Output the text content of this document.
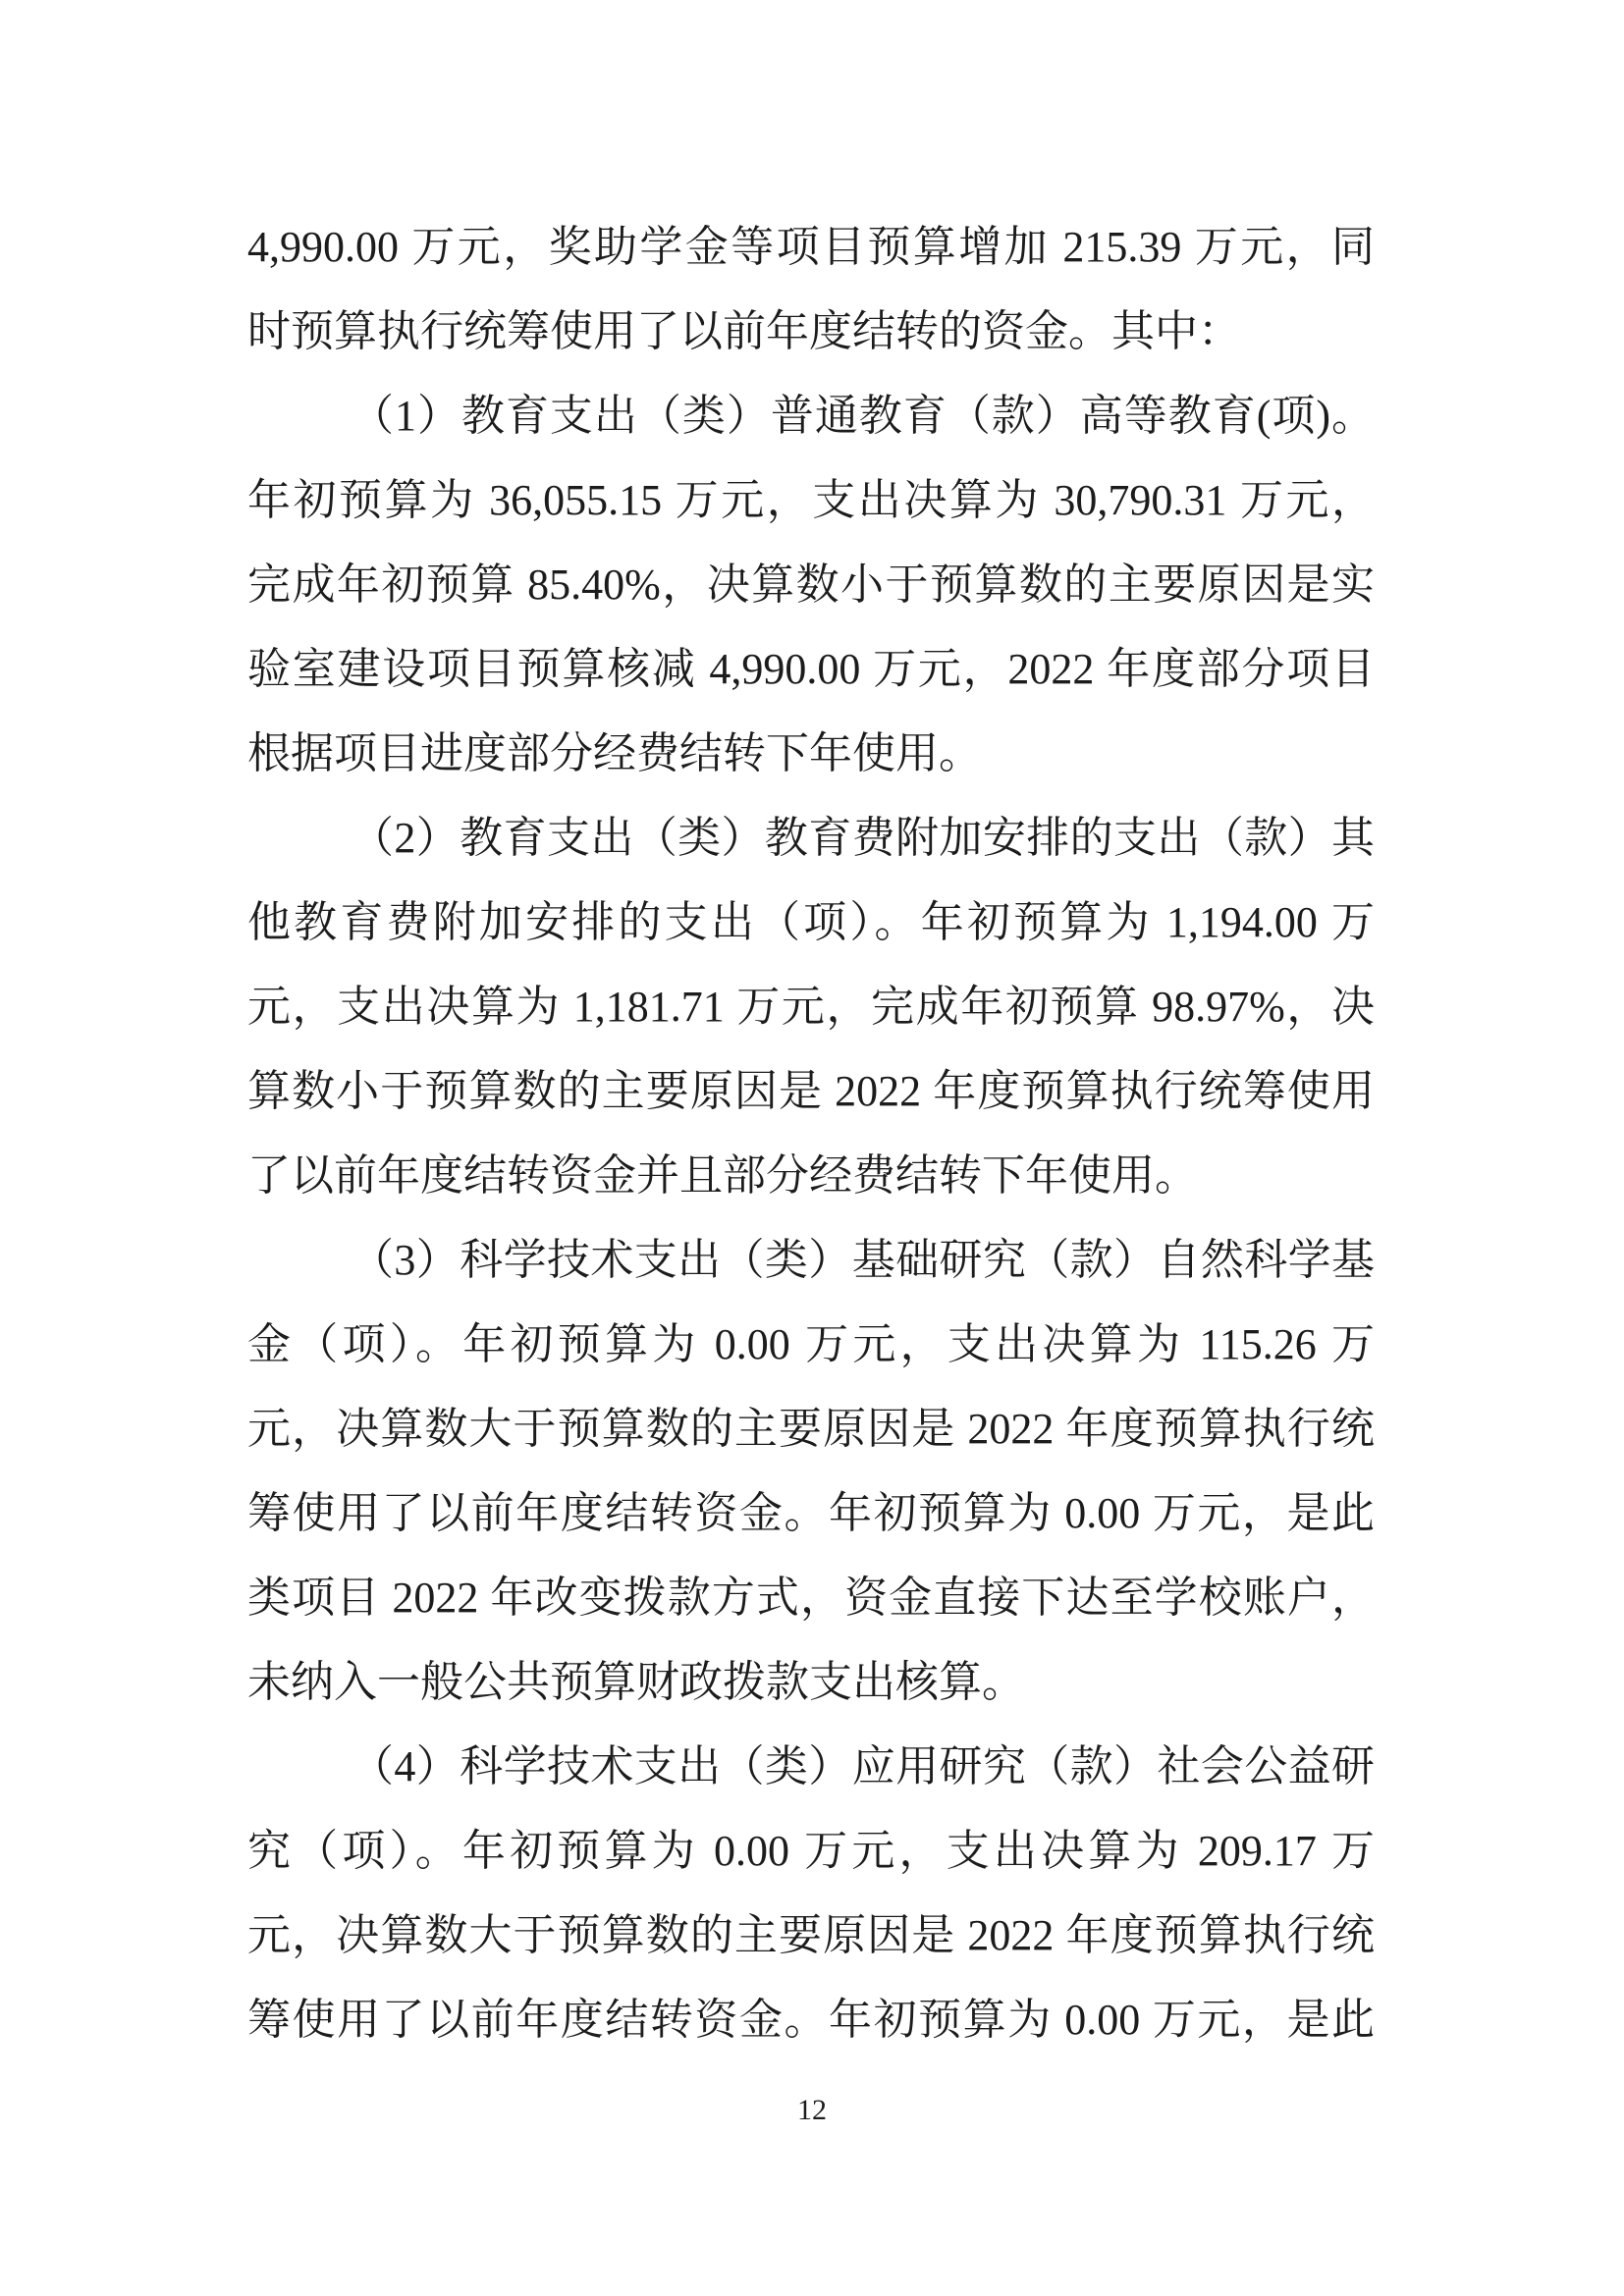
4,990.00 万元，奖助学金等项目预算增加 215.39 万元，同
时预算执行统筹使用了以前年度结转的资金。其中：
（1）教育支出（类）普通教育（款）高等教育(项)。
年初预算为 36,055.15 万元，支出决算为 30,790.31 万元，
完成年初预算 85.40%，决算数小于预算数的主要原因是实
验室建设项目预算核减 4,990.00 万元，2022 年度部分项目
根据项目进度部分经费结转下年使用。
（2）教育支出（类）教育费附加安排的支出（款）其
他教育费附加安排的支出（项）。年初预算为 1,194.00 万
元，支出决算为 1,181.71 万元，完成年初预算 98.97%，决
算数小于预算数的主要原因是 2022 年度预算执行统筹使用
了以前年度结转资金并且部分经费结转下年使用。
（3）科学技术支出（类）基础研究（款）自然科学基
金（项）。年初预算为 0.00 万元，支出决算为 115.26 万
元，决算数大于预算数的主要原因是 2022 年度预算执行统
筹使用了以前年度结转资金。年初预算为 0.00 万元，是此
类项目 2022 年改变拨款方式，资金直接下达至学校账户，
未纳入一般公共预算财政拨款支出核算。
（4）科学技术支出（类）应用研究（款）社会公益研
究（项）。年初预算为 0.00 万元，支出决算为 209.17 万
元，决算数大于预算数的主要原因是 2022 年度预算执行统
筹使用了以前年度结转资金。年初预算为 0.00 万元，是此
12
